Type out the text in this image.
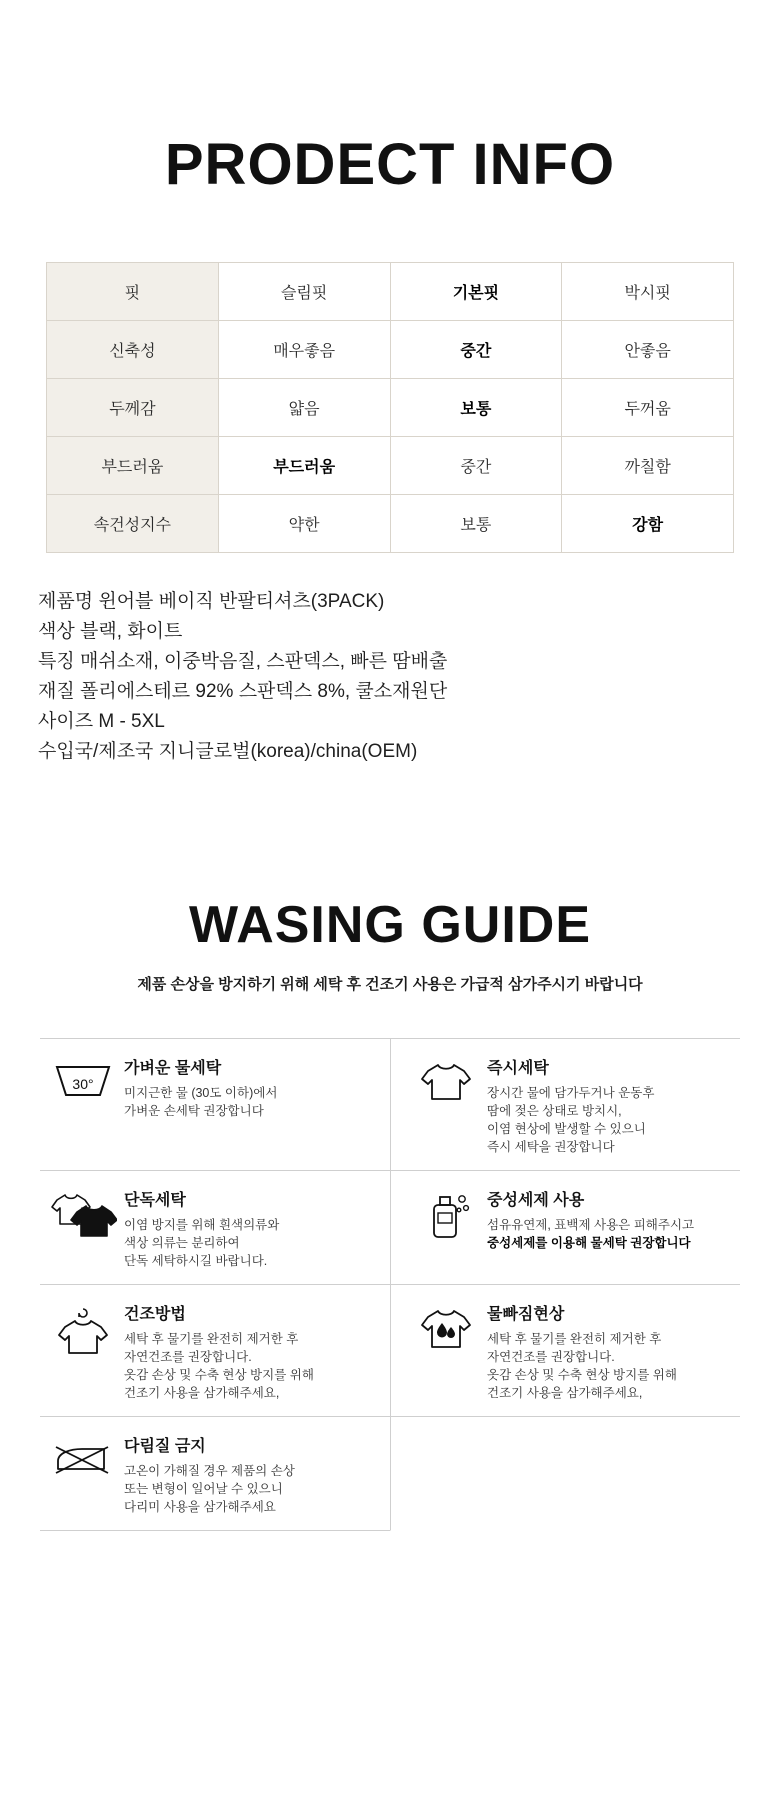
PRODECT INFO
핏	슬림핏	기본핏	박시핏
신축성	매우좋음	중간	안좋음
두께감	얇음	보통	두꺼움
부드러움	부드러움	중간	까칠함
속건성지수	약한	보통	강함
제품명 윈어블 베이직 반팔티셔츠(3PACK)
색상 블랙, 화이트
특징 매쉬소재, 이중박음질, 스판덱스, 빠른 땀배출
재질 폴리에스테르 92% 스판덱스 8%, 쿨소재원단
사이즈 M - 5XL
수입국/제조국 지니글로벌(korea)/china(OEM)
WASING GUIDE
제품 손상을 방지하기 위해 세탁 후 건조기 사용은 가급적 삼가주시기 바랍니다
30°
가벼운 물세탁
미지근한 물 (30도 이하)에서
가벼운 손세탁 권장합니다
즉시세탁
장시간 물에 담가두거나 운동후
땀에 젖은 상태로 방치시,
이염 현상에 발생할 수 있으니
즉시 세탁을 권장합니다
단독세탁
이염 방지를 위해 흰색의류와
색상 의류는 분리하여
단독 세탁하시길 바랍니다.
중성세제 사용
섬유유연제, 표백제 사용은 피해주시고
중성세제를 이용해 물세탁 권장합니다
건조방법
세탁 후 물기를 완전히 제거한 후
자연건조를 권장합니다.
옷감 손상 및 수축 현상 방지를 위해
건조기 사용을 삼가해주세요,
물빠짐현상
세탁 후 물기를 완전히 제거한 후
자연건조를 권장합니다.
옷감 손상 및 수축 현상 방지를 위해
건조기 사용을 삼가해주세요,
다림질 금지
고온이 가해질 경우 제품의 손상
또는 변형이 일어날 수 있으니
다리미 사용을 삼가해주세요
